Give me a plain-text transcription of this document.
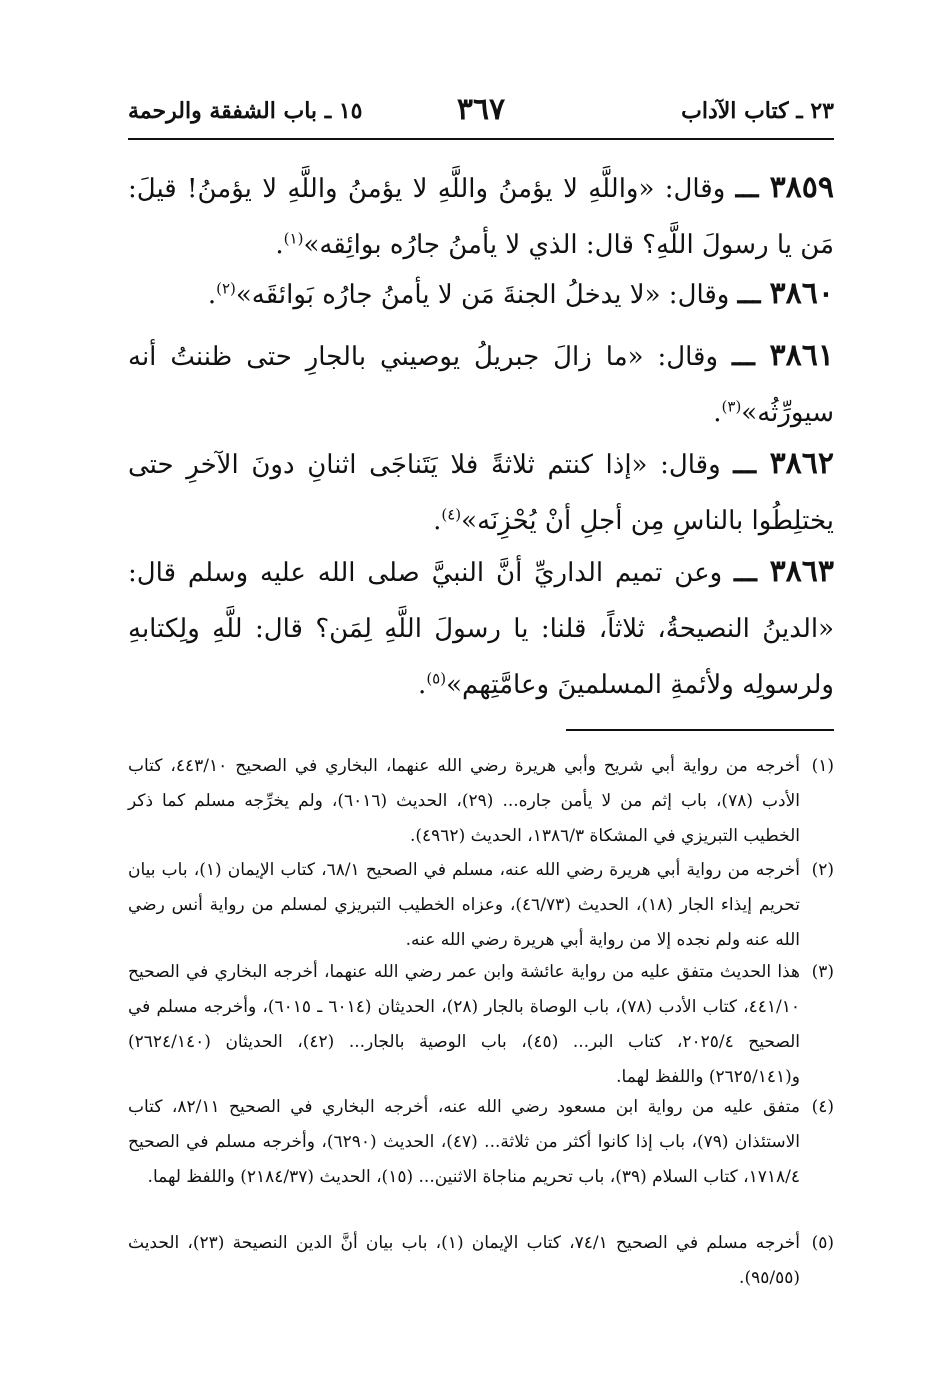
٢٣ ـ كتاب الآداب
٣٦٧
١٥ ـ باب الشفقة والرحمة
٣٨٥٩ ـــ وقال: «واللَّهِ لا يؤمنُ واللَّهِ لا يؤمنُ واللَّهِ لا يؤمنُ! قيلَ: مَن يا رسولَ اللَّهِ؟ قال: الذي لا يأمنُ جارُه بوائِقه»$^{(١)}$.
٣٨٦٠ ـــ وقال: «لا يدخلُ الجنةَ مَن لا يأمنُ جارُه بَوائقَه»$^{(٢)}$.
٣٨٦١ ـــ وقال: «ما زالَ جبريلُ يوصيني بالجارِ حتى ظننتُ أنه سيورِّثُه»$^{(٣)}$.
٣٨٦٢ ـــ وقال: «إذا كنتم ثلاثةً فلا يَتَناجَى اثنانِ دونَ الآخرِ حتى يختلِطُوا بالناسِ مِن أجلِ أنْ يُحْزِنَه»$^{(٤)}$.
٣٨٦٣ ـــ وعن تميم الداريِّ أنَّ النبيَّ صلى الله عليه وسلم قال: «الدينُ النصيحةُ، ثلاثاً، قلنا: يا رسولَ اللَّهِ لِمَن؟ قال: للَّهِ ولِكتابهِ ولرسولِه ولأئمةِ المسلمينَ وعامَّتِهم»$^{(٥)}$.
(١)
أخرجه من رواية أبي شريح وأبي هريرة رضي الله عنهما، البخاري في الصحيح ٤٤٣/١٠، كتاب الأدب (٧٨)، باب إثم من لا يأمن جاره... (٢٩)، الحديث (٦٠١٦)، ولم يخرِّجه مسلم كما ذكر الخطيب التبريزي في المشكاة ١٣٨٦/٣، الحديث (٤٩٦٢).
(٢)
أخرجه من رواية أبي هريرة رضي الله عنه، مسلم في الصحيح ٦٨/١، كتاب الإيمان (١)، باب بيان تحريم إيذاء الجار (١٨)، الحديث (٤٦/٧٣)، وعزاه الخطيب التبريزي لمسلم من رواية أنس رضي الله عنه ولم نجده إلا من رواية أبي هريرة رضي الله عنه.
(٣)
هذا الحديث متفق عليه من رواية عائشة وابن عمر رضي الله عنهما، أخرجه البخاري في الصحيح ٤٤١/١٠، كتاب الأدب (٧٨)، باب الوصاة بالجار (٢٨)، الحديثان (٦٠١٤ ـ ٦٠١٥)، وأخرجه مسلم في الصحيح ٢٠٢٥/٤، كتاب البر... (٤٥)، باب الوصية بالجار... (٤٢)، الحديثان (٢٦٢٤/١٤٠) و(٢٦٢٥/١٤١) واللفظ لهما.
(٤)
متفق عليه من رواية ابن مسعود رضي الله عنه، أخرجه البخاري في الصحيح ٨٢/١١، كتاب الاستئذان (٧٩)، باب إذا كانوا أكثر من ثلاثة... (٤٧)، الحديث (٦٢٩٠)، وأخرجه مسلم في الصحيح ١٧١٨/٤، كتاب السلام (٣٩)، باب تحريم مناجاة الاثنين... (١٥)، الحديث (٢١٨٤/٣٧) واللفظ لهما.
(٥)
أخرجه مسلم في الصحيح ٧٤/١، كتاب الإيمان (١)، باب بيان أنَّ الدين النصيحة (٢٣)، الحديث (٩٥/٥٥).
